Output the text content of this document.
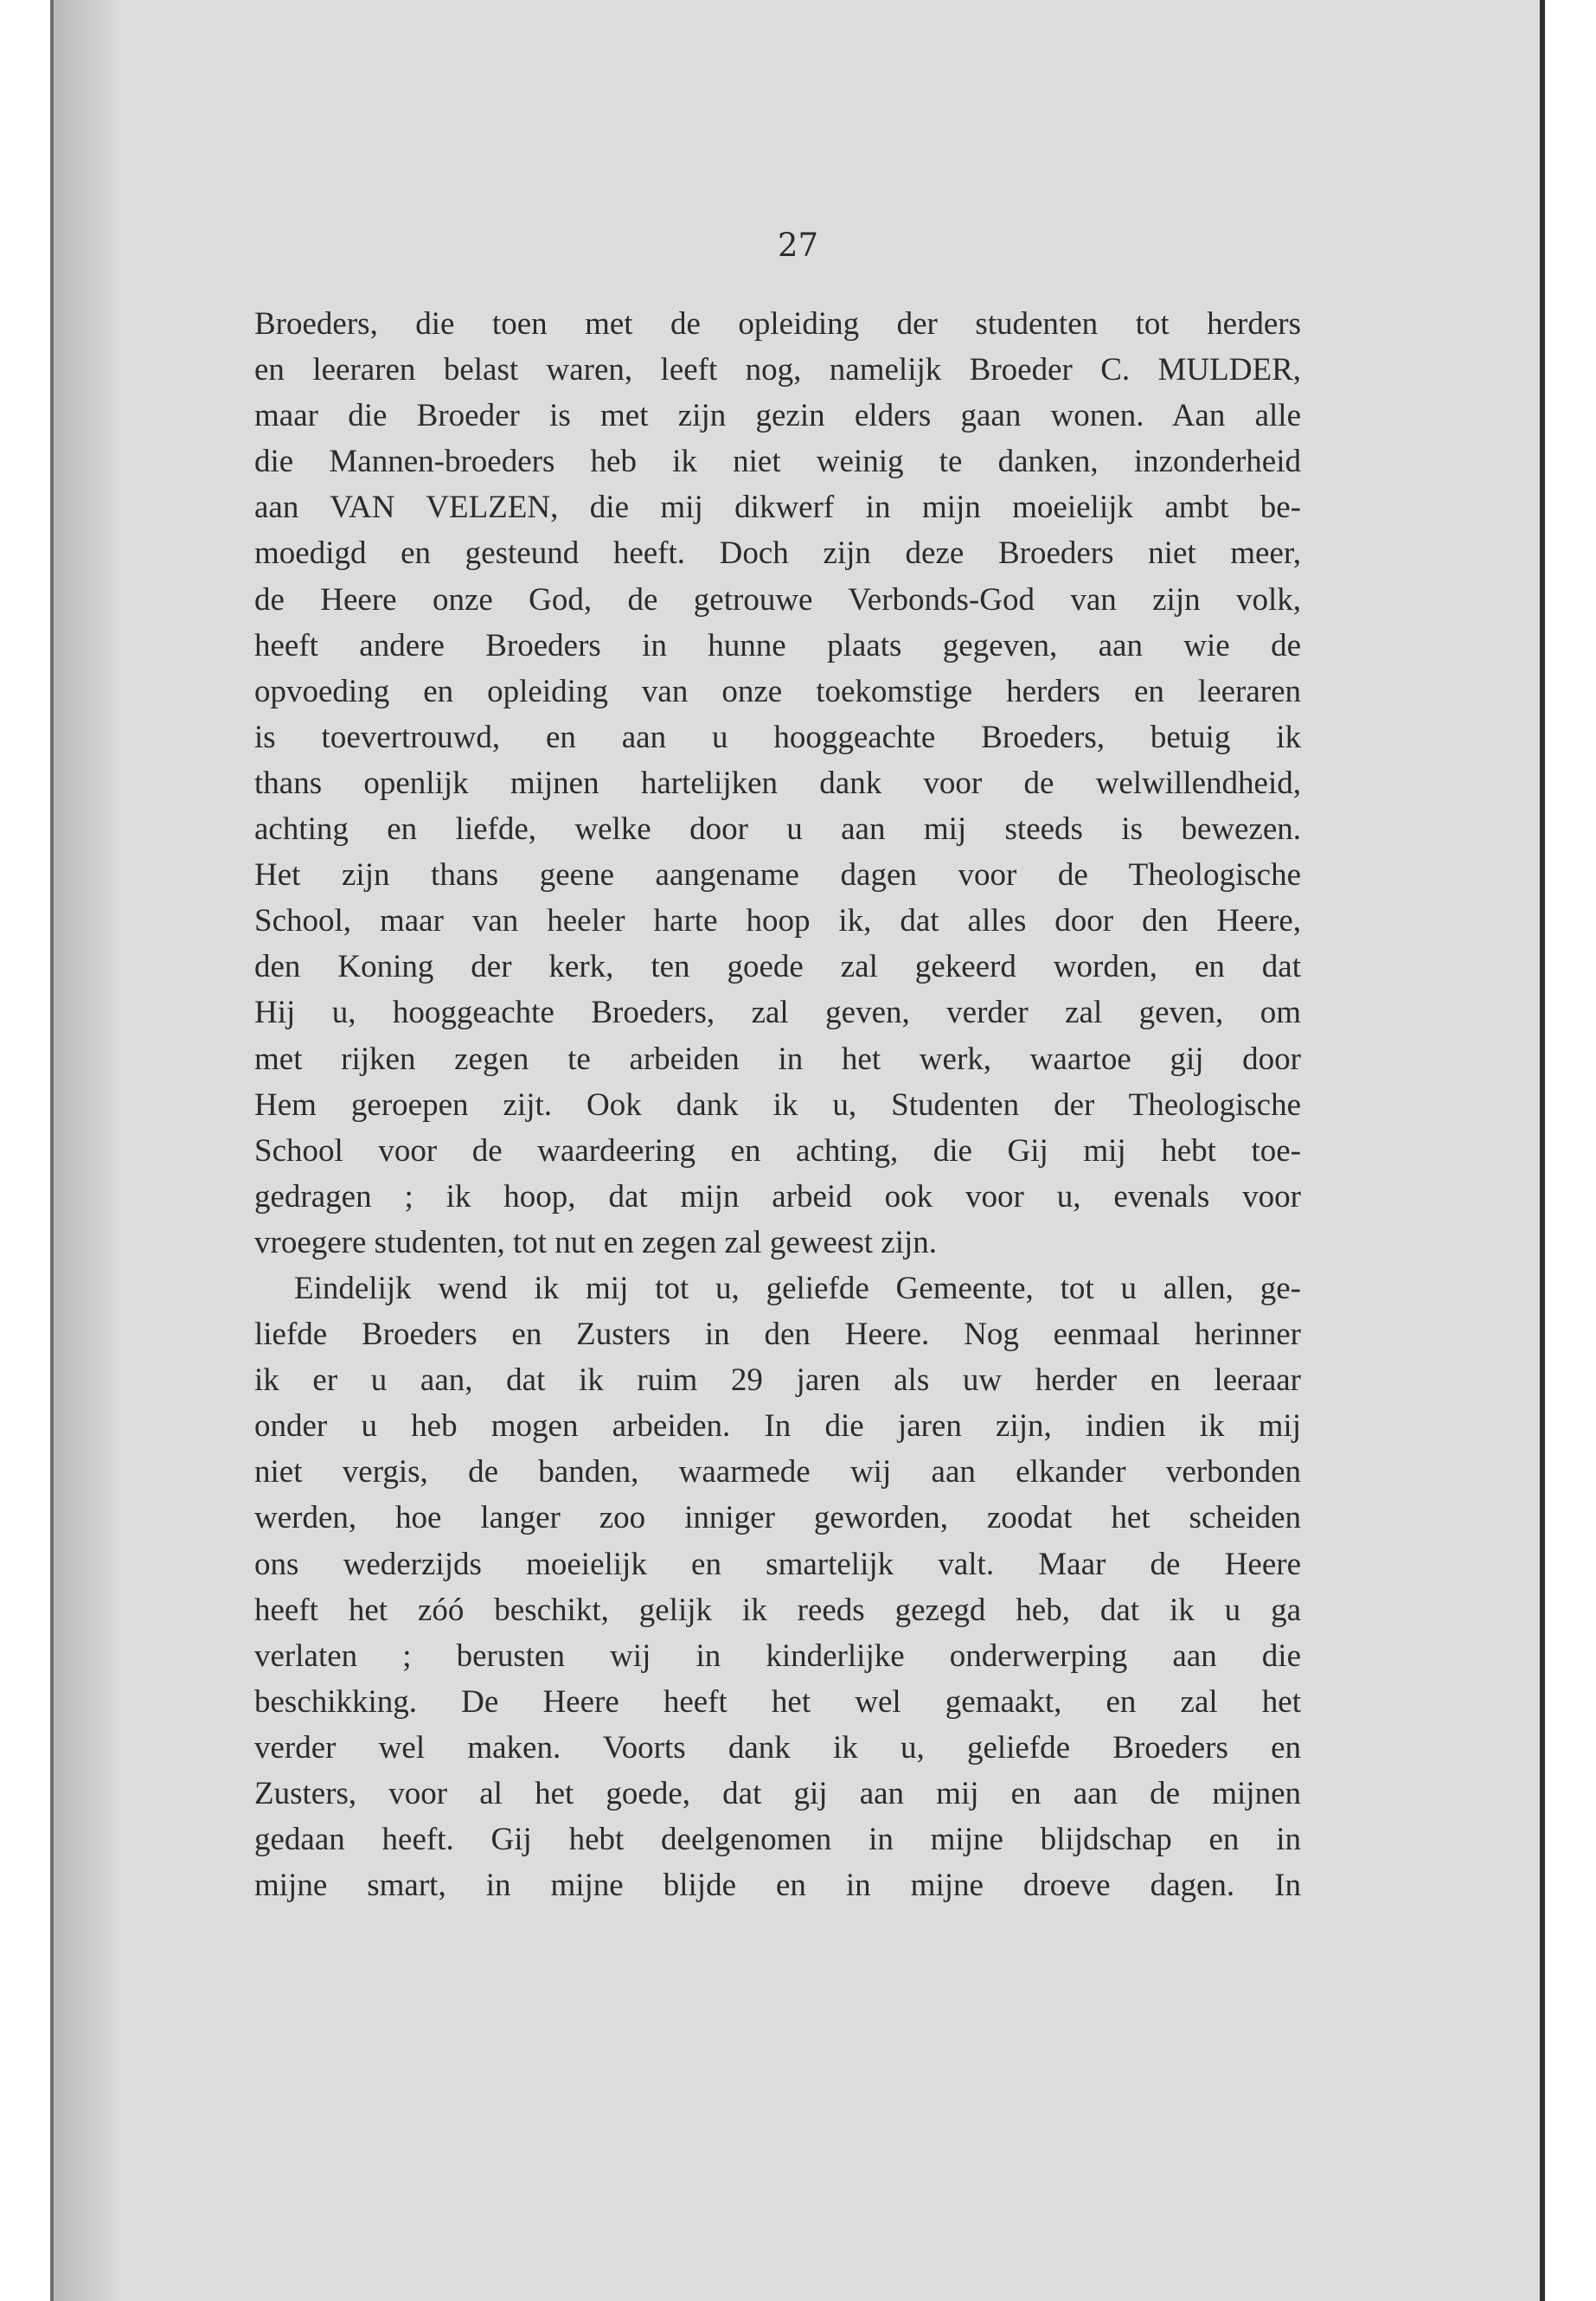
27

Broeders, die toen met de opleiding der studenten tot herders
en leeraren belast waren, leeft nog, namelijk Broeder C. MULDER,
maar die Broeder is met zijn gezin elders gaan wonen. Aan alle
die Mannen-broeders heb ik niet weinig te danken, inzonderheid
aan VAN VELZEN, die mij dikwerf in mijn moeielijk ambt be-
moedigd en gesteund heeft. Doch zijn deze Broeders niet meer,
de Heere onze God, de getrouwe Verbonds-God van zijn volk,
heeft andere Broeders in hunne plaats gegeven, aan wie de
opvoeding en opleiding van onze toekomstige herders en leeraren
is toevertrouwd, en aan u hooggeachte Broeders, betuig ik
thans openlijk mijnen hartelijken dank voor de welwillendheid,
achting en liefde, welke door u aan mij steeds is bewezen.
Het zijn thans geene aangename dagen voor de Theologische
School, maar van heeler harte hoop ik, dat alles door den Heere,
den Koning der kerk, ten goede zal gekeerd worden, en dat
Hij u, hooggeachte Broeders, zal geven, verder zal geven, om
met rijken zegen te arbeiden in het werk, waartoe gij door
Hem geroepen zijt. Ook dank ik u, Studenten der Theologische
School voor de waardeering en achting, die Gij mij hebt toe-
gedragen ; ik hoop, dat mijn arbeid ook voor u, evenals voor
vroegere studenten, tot nut en zegen zal geweest zijn.
Eindelijk wend ik mij tot u, geliefde Gemeente, tot u allen, ge-
liefde Broeders en Zusters in den Heere. Nog eenmaal herinner
ik er u aan, dat ik ruim 29 jaren als uw herder en leeraar
onder u heb mogen arbeiden. In die jaren zijn, indien ik mij
niet vergis, de banden, waarmede wij aan elkander verbonden
werden, hoe langer zoo inniger geworden, zoodat het scheiden
ons wederzijds moeielijk en smartelijk valt. Maar de Heere
heeft het zóó beschikt, gelijk ik reeds gezegd heb, dat ik u ga
verlaten ; berusten wij in kinderlijke onderwerping aan die
beschikking. De Heere heeft het wel gemaakt, en zal het
verder wel maken. Voorts dank ik u, geliefde Broeders en
Zusters, voor al het goede, dat gij aan mij en aan de mijnen
gedaan heeft. Gij hebt deelgenomen in mijne blijdschap en in
mijne smart, in mijne blijde en in mijne droeve dagen. In
